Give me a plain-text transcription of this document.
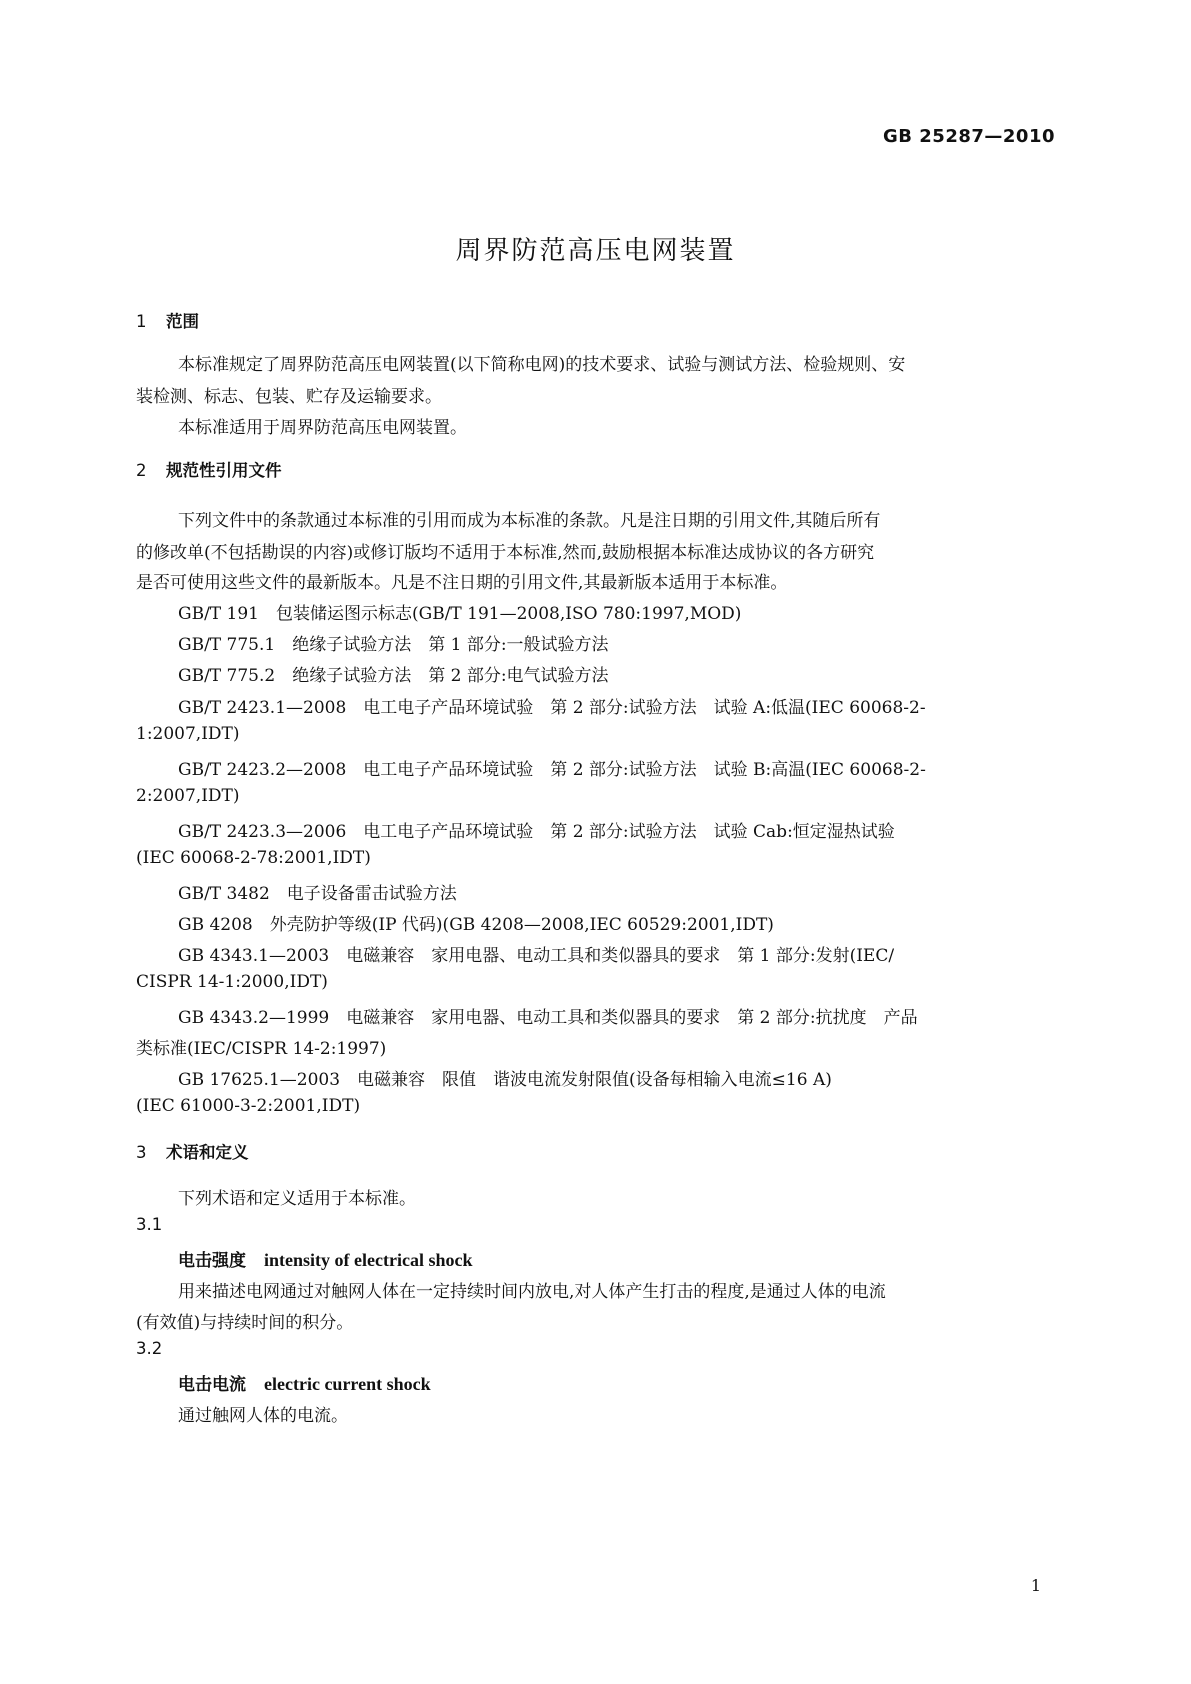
GB 25287—2010
周界防范高压电网装置
1 范围
本标准规定了周界防范高压电网装置(以下简称电网)的技术要求、试验与测试方法、检验规则、安
装检测、标志、包装、贮存及运输要求。
本标准适用于周界防范高压电网装置。
2 规范性引用文件
下列文件中的条款通过本标准的引用而成为本标准的条款。凡是注日期的引用文件,其随后所有
的修改单(不包括勘误的内容)或修订版均不适用于本标准,然而,鼓励根据本标准达成协议的各方研究
是否可使用这些文件的最新版本。凡是不注日期的引用文件,其最新版本适用于本标准。
GB/T 191　包装储运图示标志(GB/T 191—2008,ISO 780:1997,MOD)
GB/T 775.1　绝缘子试验方法　第 1 部分:一般试验方法
GB/T 775.2　绝缘子试验方法　第 2 部分:电气试验方法
GB/T 2423.1—2008　电工电子产品环境试验　第 2 部分:试验方法　试验 A:低温(IEC 60068-2-
1:2007,IDT)
GB/T 2423.2—2008　电工电子产品环境试验　第 2 部分:试验方法　试验 B:高温(IEC 60068-2-
2:2007,IDT)
GB/T 2423.3—2006　电工电子产品环境试验　第 2 部分:试验方法　试验 Cab:恒定湿热试验
(IEC 60068-2-78:2001,IDT)
GB/T 3482　电子设备雷击试验方法
GB 4208　外壳防护等级(IP 代码)(GB 4208—2008,IEC 60529:2001,IDT)
GB 4343.1—2003　电磁兼容　家用电器、电动工具和类似器具的要求　第 1 部分:发射(IEC/
CISPR 14-1:2000,IDT)
GB 4343.2—1999　电磁兼容　家用电器、电动工具和类似器具的要求　第 2 部分:抗扰度　产品
类标准(IEC/CISPR 14-2:1997)
GB 17625.1—2003　电磁兼容　限值　谐波电流发射限值(设备每相输入电流≤16 A)
(IEC 61000-3-2:2001,IDT)
3 术语和定义
下列术语和定义适用于本标准。
3.1
电击强度 intensity of electrical shock
用来描述电网通过对触网人体在一定持续时间内放电,对人体产生打击的程度,是通过人体的电流
(有效值)与持续时间的积分。
3.2
电击电流 electric current shock
通过触网人体的电流。
1
